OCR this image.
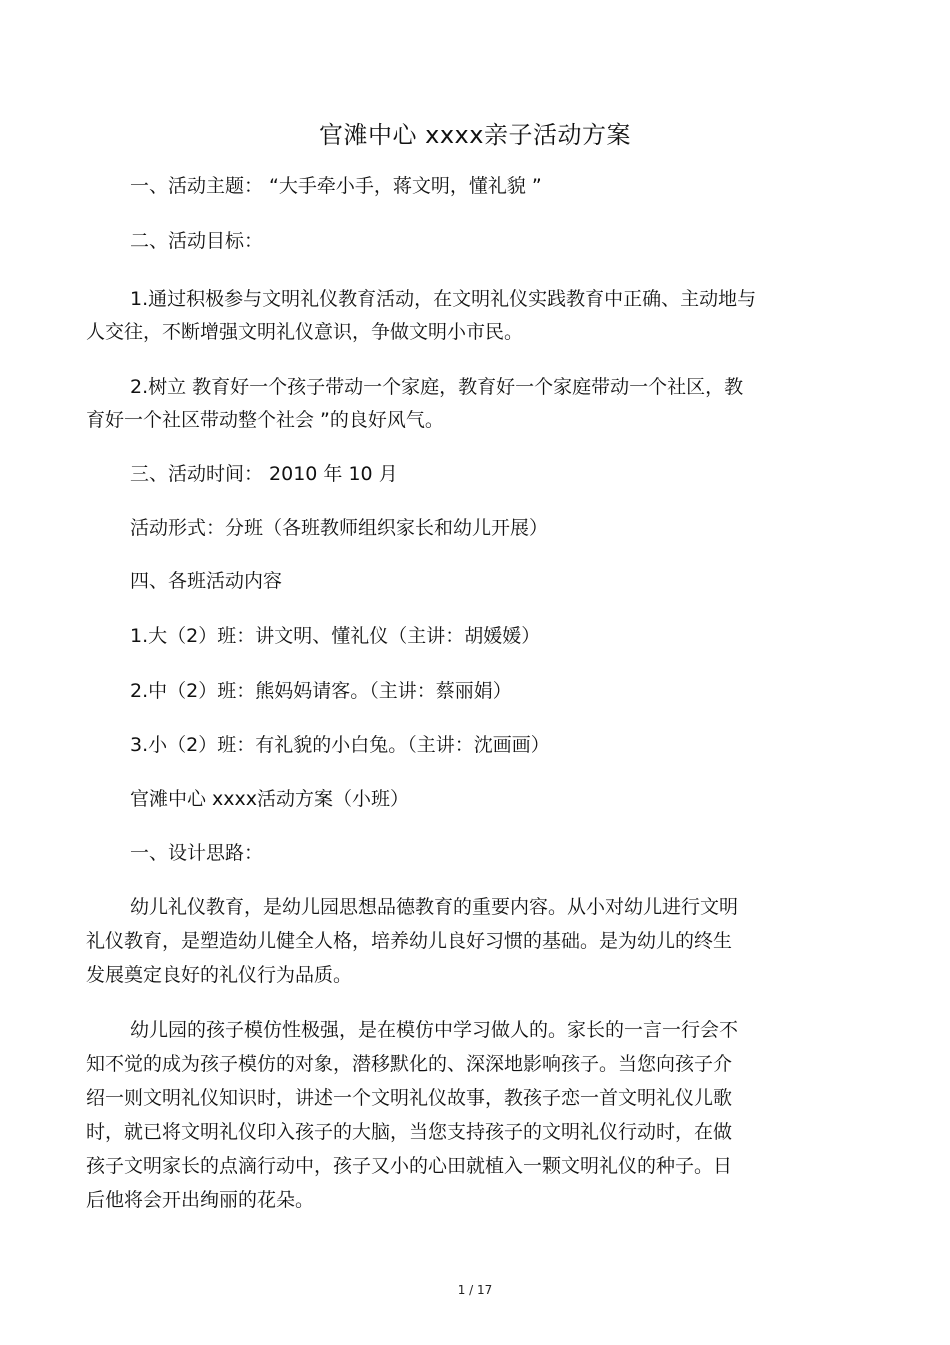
官滩中心 xxxx亲子活动方案
一、活动主题： “大手牵小手，蒋文明，懂礼貌 ”
二、活动目标：
1.通过积极参与文明礼仪教育活动，在文明礼仪实践教育中正确、主动地与
人交往，不断增强文明礼仪意识，争做文明小市民。
2.树立 教育好一个孩子带动一个家庭，教育好一个家庭带动一个社区，教
育好一个社区带动整个社会 ”的良好风气。
三、活动时间： 2010 年 10 月
活动形式：分班（各班教师组织家长和幼儿开展）
四、各班活动内容
1.大（2）班：讲文明、懂礼仪（主讲：胡媛媛）
2.中（2）班：熊妈妈请客。（主讲：蔡丽娟）
3.小（2）班：有礼貌的小白兔。（主讲：沈画画）
官滩中心 xxxx活动方案（小班）
一、设计思路：
幼儿礼仪教育，是幼儿园思想品德教育的重要内容。从小对幼儿进行文明
礼仪教育，是塑造幼儿健全人格，培养幼儿良好习惯的基础。是为幼儿的终生
发展奠定良好的礼仪行为品质。
幼儿园的孩子模仿性极强，是在模仿中学习做人的。家长的一言一行会不
知不觉的成为孩子模仿的对象，潜移默化的、深深地影响孩子。当您向孩子介
绍一则文明礼仪知识时，讲述一个文明礼仪故事，教孩子恋一首文明礼仪儿歌
时，就已将文明礼仪印入孩子的大脑，当您支持孩子的文明礼仪行动时，在做
孩子文明家长的点滴行动中，孩子又小的心田就植入一颗文明礼仪的种子。日
后他将会开出绚丽的花朵。
1 / 17
